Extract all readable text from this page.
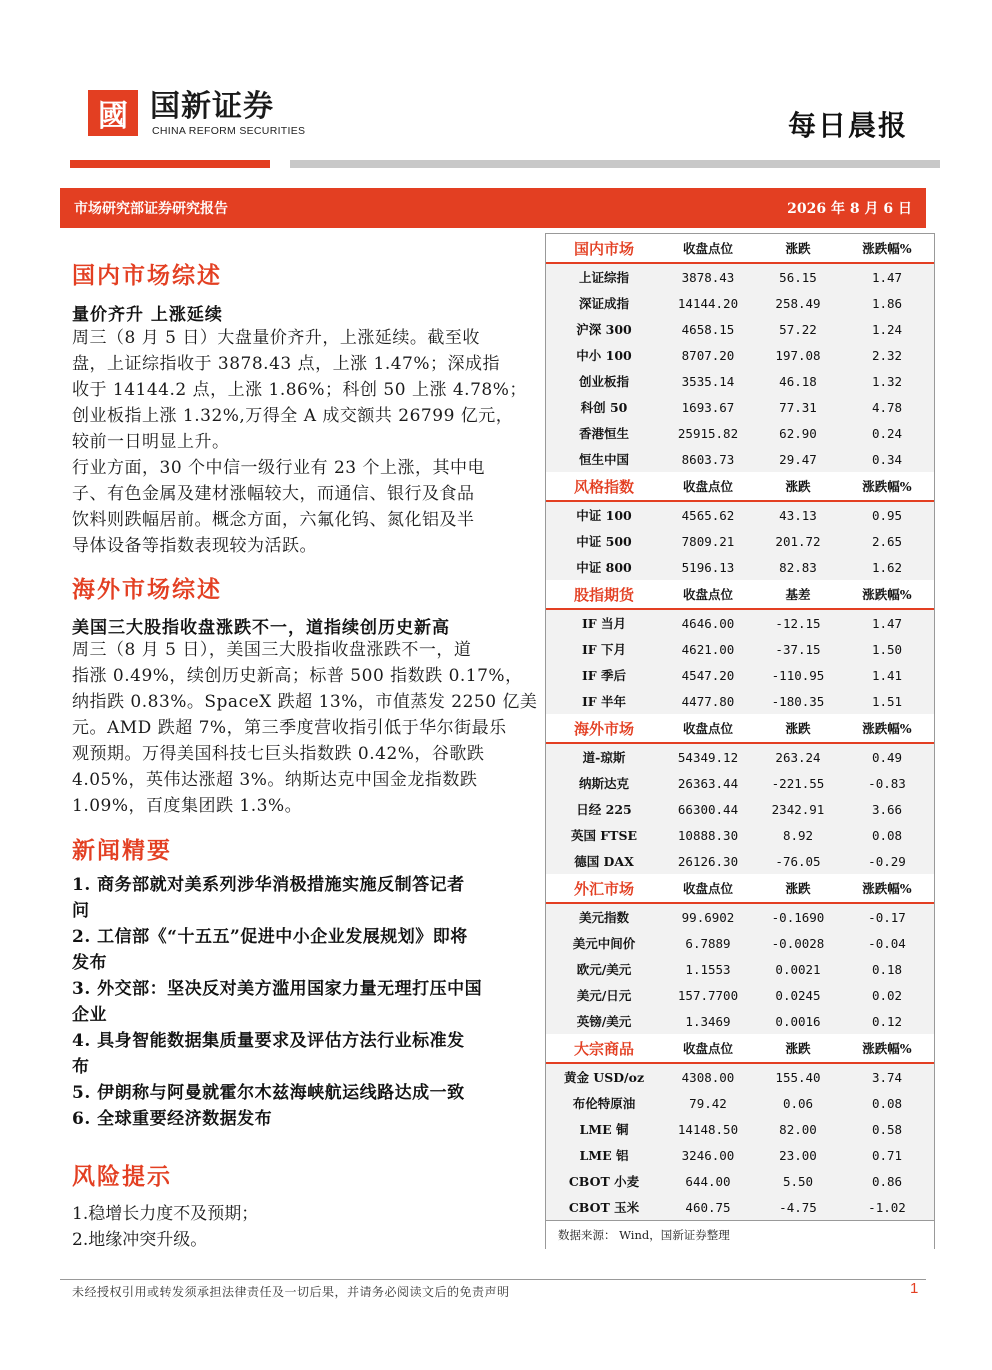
國 国新证券
CHINA REFORM SECURITIES	每日晨报
市场研究部证券研究报告	2026 年 8 月 6 日
国内市场综述
量价齐升 上涨延续
周三（8 月 5 日）大盘量价齐升，上涨延续。截至收
盘，上证综指收于 3878.43 点，上涨 1.47%；深成指
收于 14144.2 点，上涨 1.86%；科创 50 上涨 4.78%；
创业板指上涨 1.32%,万得全 A 成交额共 26799 亿元，
较前一日明显上升。
行业方面，30 个中信一级行业有 23 个上涨，其中电
子、有色金属及建材涨幅较大，而通信、银行及食品
饮料则跌幅居前。概念方面，六氟化钨、氮化铝及半
导体设备等指数表现较为活跃。
海外市场综述
美国三大股指收盘涨跌不一，道指续创历史新高
周三（8 月 5 日），美国三大股指收盘涨跌不一，道
指涨 0.49%，续创历史新高；标普 500 指数跌 0.17%，
纳指跌 0.83%。SpaceX 跌超 13%，市值蒸发 2250 亿美
元。AMD 跌超 7%，第三季度营收指引低于华尔街最乐
观预期。万得美国科技七巨头指数跌 0.42%，谷歌跌
4.05%，英伟达涨超 3%。纳斯达克中国金龙指数跌
1.09%，百度集团跌 1.3%。
新闻精要
1. 商务部就对美系列涉华消极措施实施反制答记者
问
2. 工信部《“十五五”促进中小企业发展规划》即将
发布
3. 外交部：坚决反对美方滥用国家力量无理打压中国
企业
4. 具身智能数据集质量要求及评估方法行业标准发
布
5. 伊朗称与阿曼就霍尔木兹海峡航运线路达成一致
6. 全球重要经济数据发布
风险提示
1.稳增长力度不及预期；
2.地缘冲突升级。
国内市场	收盘点位	涨跌	涨跌幅%
上证综指	3878.43	56.15	1.47
深证成指	14144.20	258.49	1.86
沪深 300	4658.15	57.22	1.24
中小 100	8707.20	197.08	2.32
创业板指	3535.14	46.18	1.32
科创 50	1693.67	77.31	4.78
香港恒生	25915.82	62.90	0.24
恒生中国	8603.73	29.47	0.34
风格指数	收盘点位	涨跌	涨跌幅%
中证 100	4565.62	43.13	0.95
中证 500	7809.21	201.72	2.65
中证 800	5196.13	82.83	1.62
股指期货	收盘点位	基差	涨跌幅%
IF 当月	4646.00	-12.15	1.47
IF 下月	4621.00	-37.15	1.50
IF 季后	4547.20	-110.95	1.41
IF 半年	4477.80	-180.35	1.51
海外市场	收盘点位	涨跌	涨跌幅%
道-琼斯	54349.12	263.24	0.49
纳斯达克	26363.44	-221.55	-0.83
日经 225	66300.44	2342.91	3.66
英国 FTSE	10888.30	8.92	0.08
德国 DAX	26126.30	-76.05	-0.29
外汇市场	收盘点位	涨跌	涨跌幅%
美元指数	99.6902	-0.1690	-0.17
美元中间价	6.7889	-0.0028	-0.04
欧元/美元	1.1553	0.0021	0.18
美元/日元	157.7700	0.0245	0.02
英镑/美元	1.3469	0.0016	0.12
大宗商品	收盘点位	涨跌	涨跌幅%
黄金 USD/oz	4308.00	155.40	3.74
布伦特原油	79.42	0.06	0.08
LME 铜	14148.50	82.00	0.58
LME 铝	3246.00	23.00	0.71
CBOT 小麦	644.00	5.50	0.86
CBOT 玉米	460.75	-4.75	-1.02
数据来源： Wind，国新证券整理
未经授权引用或转发须承担法律责任及一切后果，并请务必阅读文后的免责声明	1
